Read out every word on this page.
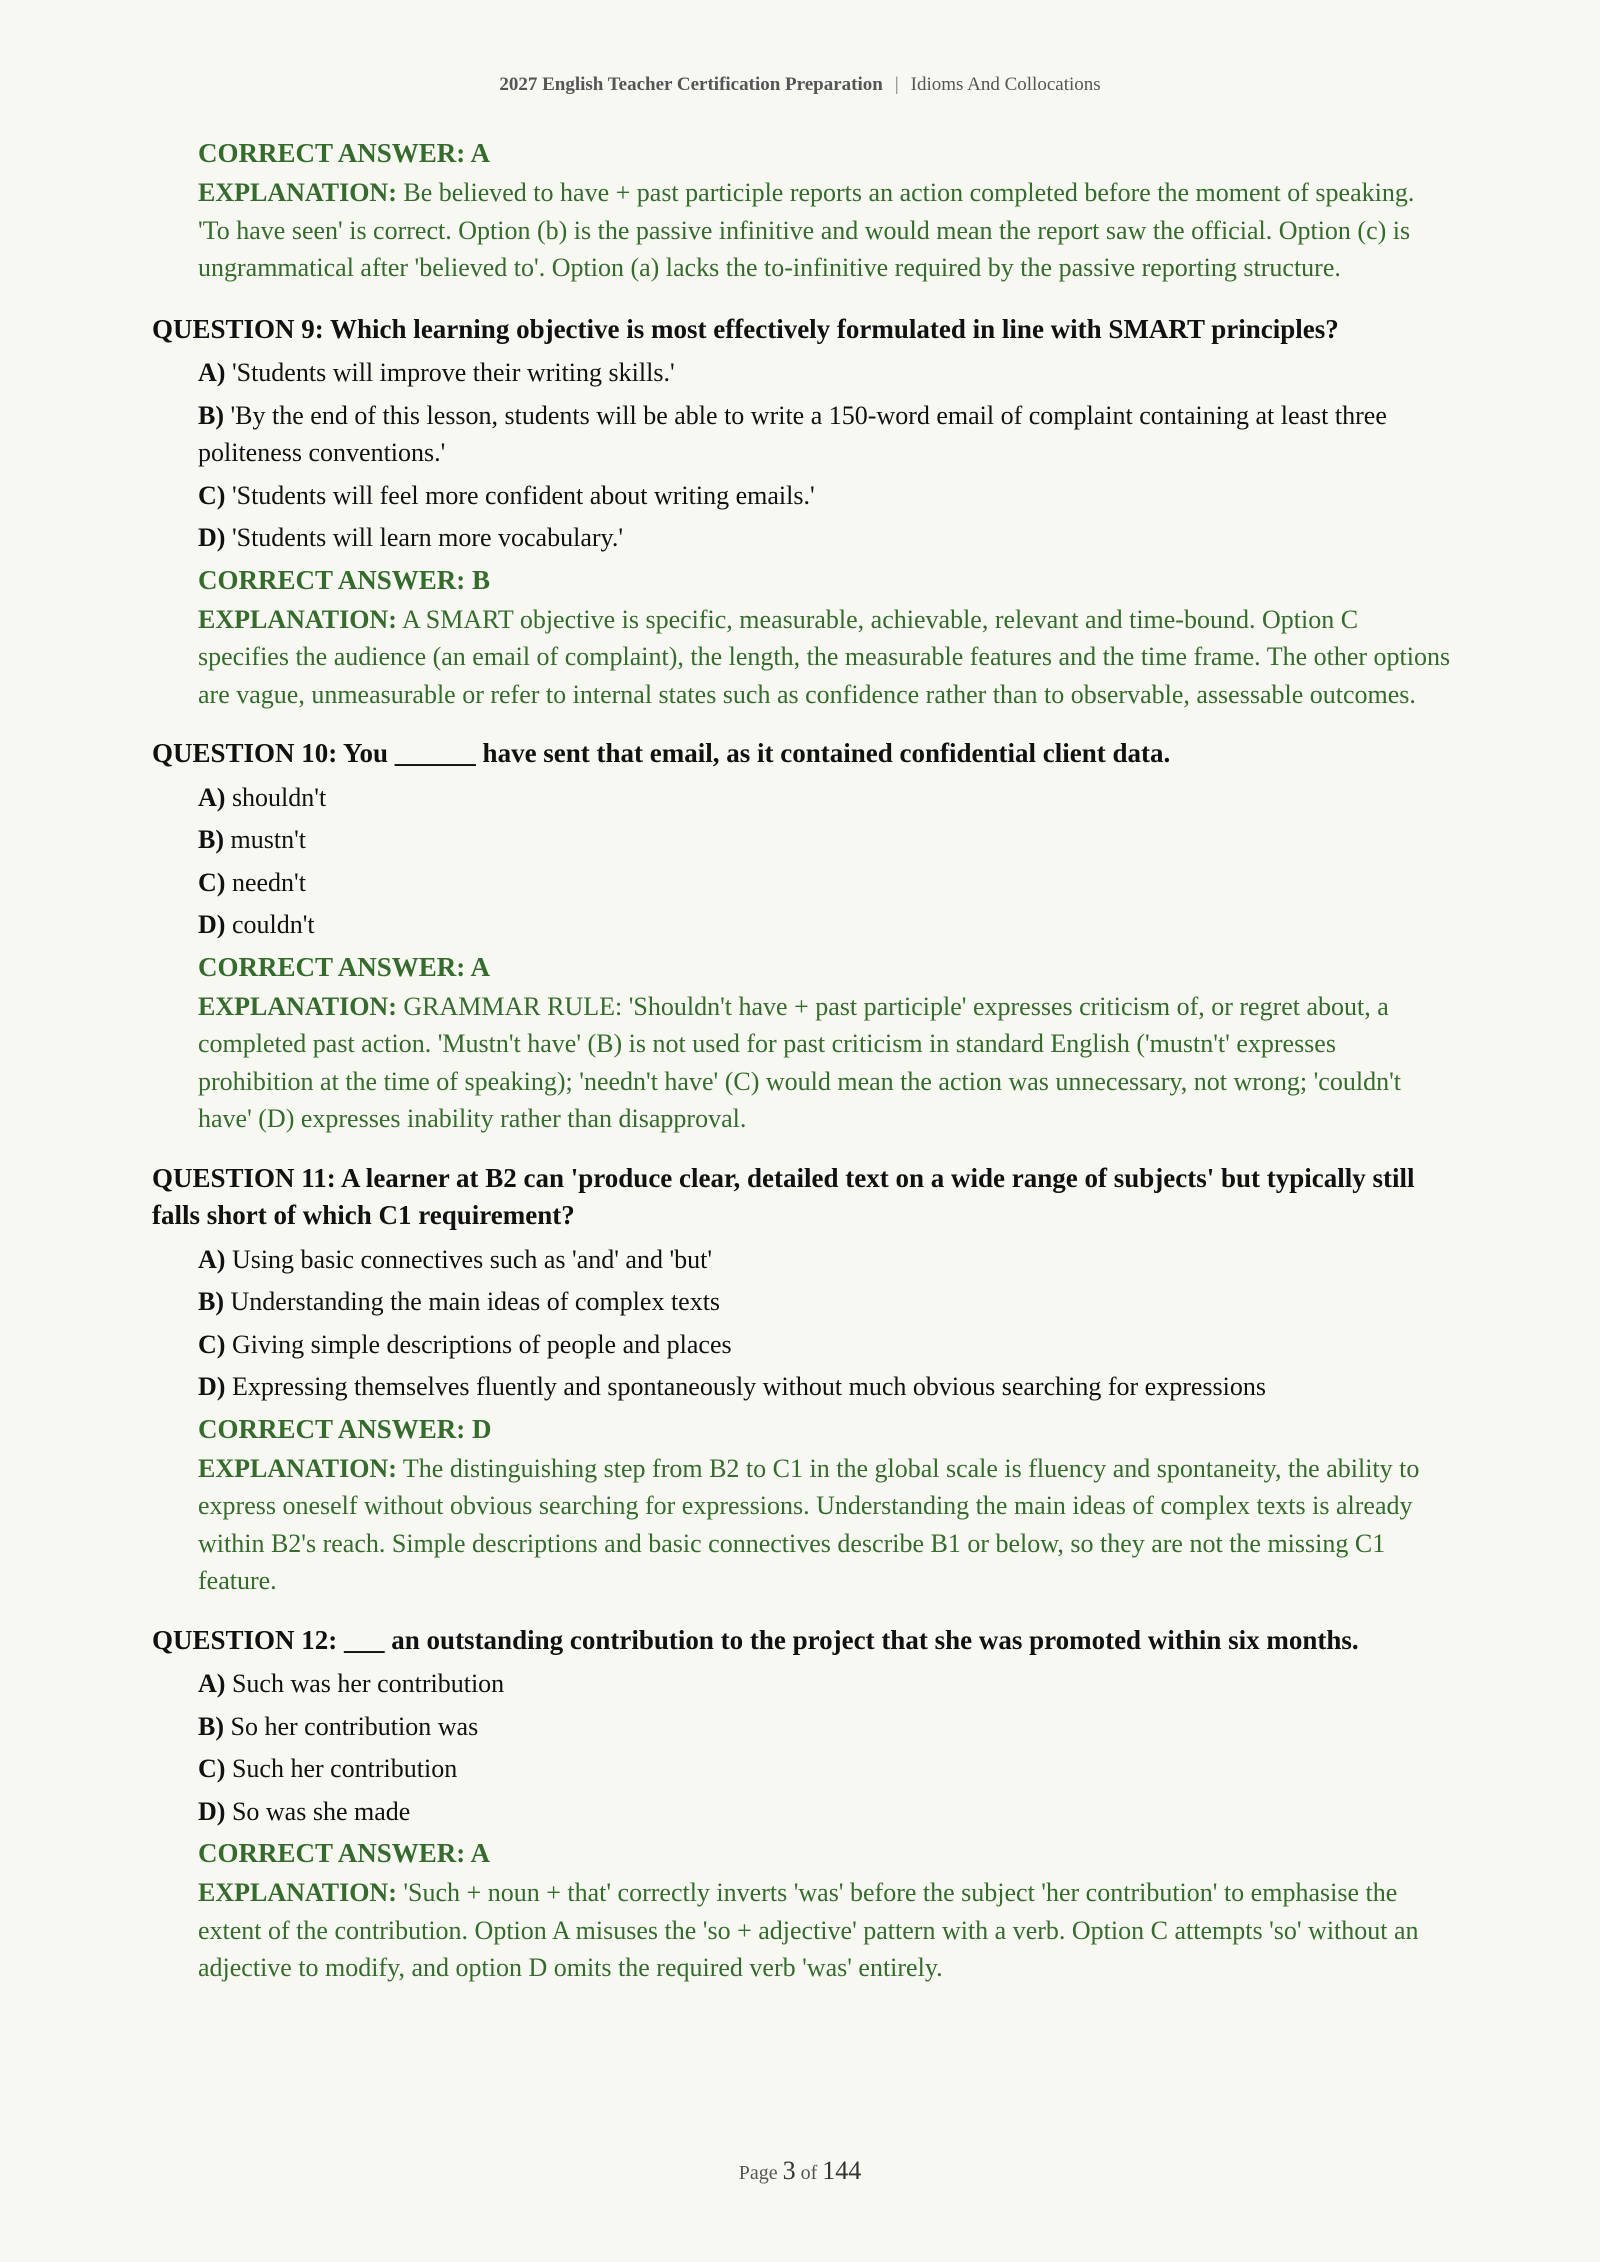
2027 English Teacher Certification Preparation | Idioms And Collocations
CORRECT ANSWER: A
EXPLANATION: Be believed to have + past participle reports an action completed before the moment of speaking. 'To have seen' is correct. Option (b) is the passive infinitive and would mean the report saw the official. Option (c) is ungrammatical after 'believed to'. Option (a) lacks the to-infinitive required by the passive reporting structure.
QUESTION 9: Which learning objective is most effectively formulated in line with SMART principles?
A) 'Students will improve their writing skills.'
B) 'By the end of this lesson, students will be able to write a 150-word email of complaint containing at least three politeness conventions.'
C) 'Students will feel more confident about writing emails.'
D) 'Students will learn more vocabulary.'
CORRECT ANSWER: B
EXPLANATION: A SMART objective is specific, measurable, achievable, relevant and time-bound. Option C specifies the audience (an email of complaint), the length, the measurable features and the time frame. The other options are vague, unmeasurable or refer to internal states such as confidence rather than to observable, assessable outcomes.
QUESTION 10: You ______ have sent that email, as it contained confidential client data.
A) shouldn't
B) mustn't
C) needn't
D) couldn't
CORRECT ANSWER: A
EXPLANATION: GRAMMAR RULE: 'Shouldn't have + past participle' expresses criticism of, or regret about, a completed past action. 'Mustn't have' (B) is not used for past criticism in standard English ('mustn't' expresses prohibition at the time of speaking); 'needn't have' (C) would mean the action was unnecessary, not wrong; 'couldn't have' (D) expresses inability rather than disapproval.
QUESTION 11: A learner at B2 can 'produce clear, detailed text on a wide range of subjects' but typically still falls short of which C1 requirement?
A) Using basic connectives such as 'and' and 'but'
B) Understanding the main ideas of complex texts
C) Giving simple descriptions of people and places
D) Expressing themselves fluently and spontaneously without much obvious searching for expressions
CORRECT ANSWER: D
EXPLANATION: The distinguishing step from B2 to C1 in the global scale is fluency and spontaneity, the ability to express oneself without obvious searching for expressions. Understanding the main ideas of complex texts is already within B2's reach. Simple descriptions and basic connectives describe B1 or below, so they are not the missing C1 feature.
QUESTION 12: ___ an outstanding contribution to the project that she was promoted within six months.
A) Such was her contribution
B) So her contribution was
C) Such her contribution
D) So was she made
CORRECT ANSWER: A
EXPLANATION: 'Such + noun + that' correctly inverts 'was' before the subject 'her contribution' to emphasise the extent of the contribution. Option A misuses the 'so + adjective' pattern with a verb. Option C attempts 'so' without an adjective to modify, and option D omits the required verb 'was' entirely.
Page 3 of 144
